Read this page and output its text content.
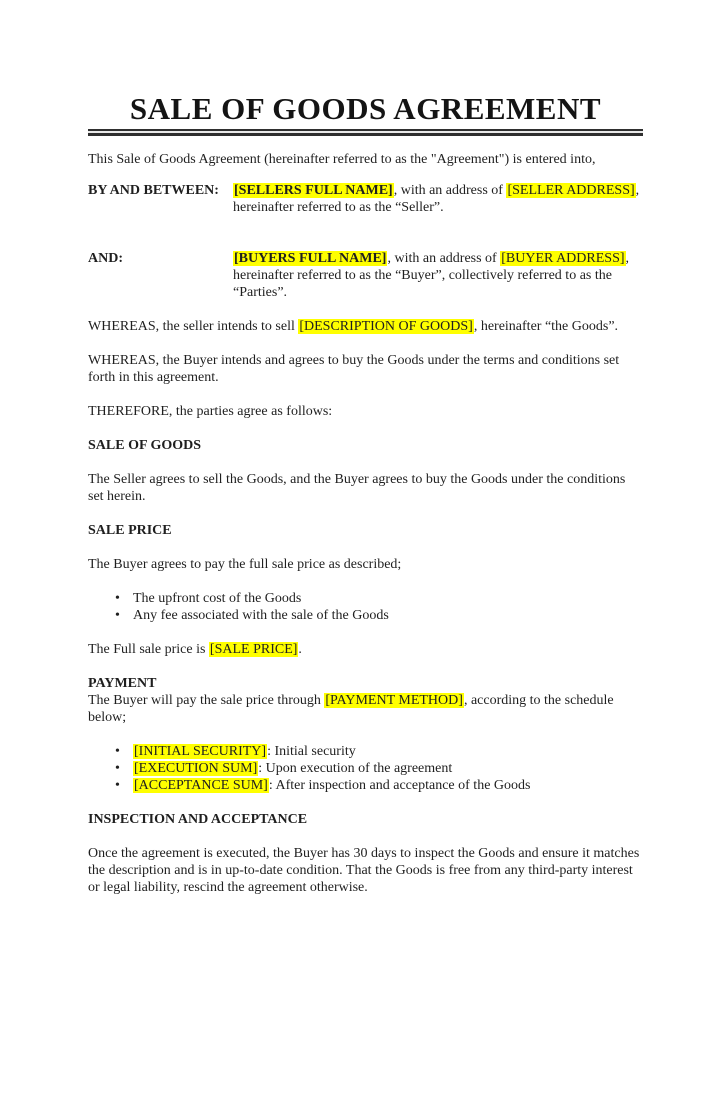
SALE OF GOODS AGREEMENT
This Sale of Goods Agreement (hereinafter referred to as the "Agreement") is entered into,
BY AND BETWEEN:	[SELLERS FULL NAME], with an address of [SELLER ADDRESS], hereinafter referred to as the “Seller”.
AND:	[BUYERS FULL NAME], with an address of [BUYER ADDRESS], hereinafter referred to as the “Buyer”, collectively referred to as the “Parties”.
WHEREAS, the seller intends to sell [DESCRIPTION OF GOODS], hereinafter “the Goods”.
WHEREAS, the Buyer intends and agrees to buy the Goods under the terms and conditions set forth in this agreement.
THEREFORE, the parties agree as follows:
SALE OF GOODS
The Seller agrees to sell the Goods, and the Buyer agrees to buy the Goods under the conditions set herein.
SALE PRICE
The Buyer agrees to pay the full sale price as described;
• The upfront cost of the Goods
• Any fee associated with the sale of the Goods
The Full sale price is [SALE PRICE].
PAYMENT
The Buyer will pay the sale price through [PAYMENT METHOD], according to the schedule below;
•	[INITIAL SECURITY]: Initial security
•	[EXECUTION SUM]: Upon execution of the agreement
•	[ACCEPTANCE SUM]: After inspection and acceptance of the Goods
INSPECTION AND ACCEPTANCE
Once the agreement is executed, the Buyer has 30 days to inspect the Goods and ensure it matches the description and is in up-to-date condition. That the Goods is free from any third-party interest or legal liability, rescind the agreement otherwise.
